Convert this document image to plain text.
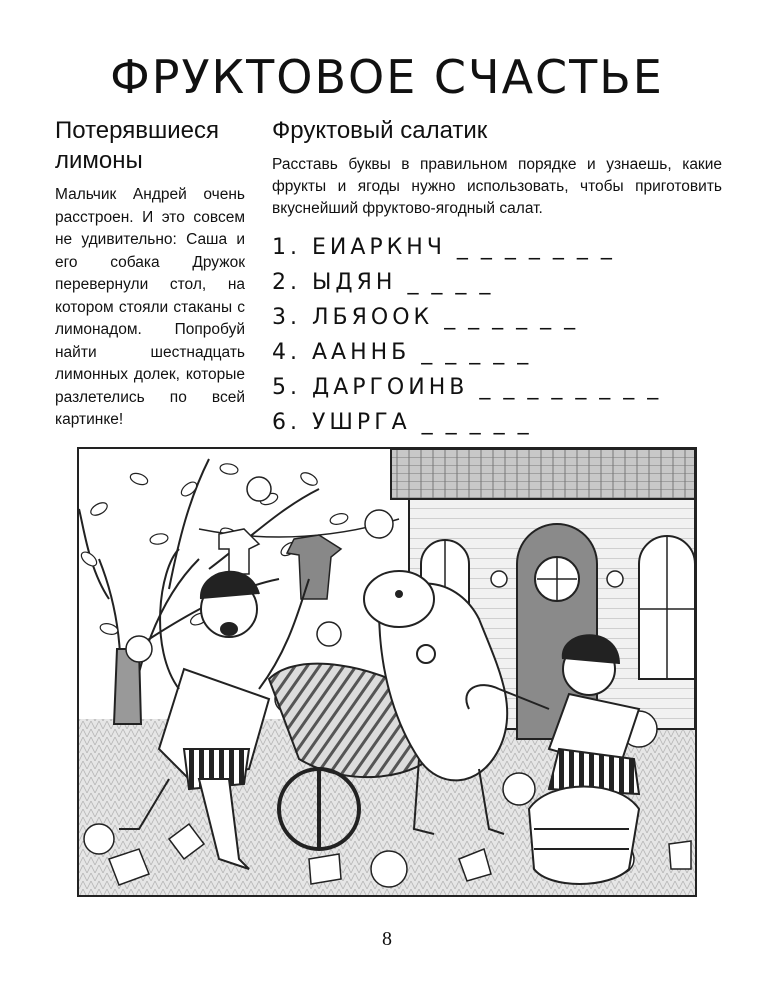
ФРУКТОВОЕ СЧАСТЬЕ
Потерявшиеся
лимоны

Мальчик Андрей очень расстроен. И это совсем не удивительно: Саша и его собака Дружок перевернули стол, на котором стояли стаканы с лимонадом. Попробуй найти шестнадцать лимонных долек, которые разлетелись по всей картинке!

Фруктовый салатик

Расставь буквы в правильном порядке и узнаешь, какие фрукты и ягоды нужно использовать, чтобы приготовить вкуснейший фруктово-ягодный салат.

1. ЕИАРКНЧ _ _ _ _ _ _ _
2. ЫДЯН _ _ _ _
3. ЛБЯООК _ _ _ _ _ _
4. ААННБ _ _ _ _ _
5. ДАРГОИНВ _ _ _ _ _ _ _ _
6. УШРГА _ _ _ _ _
8
